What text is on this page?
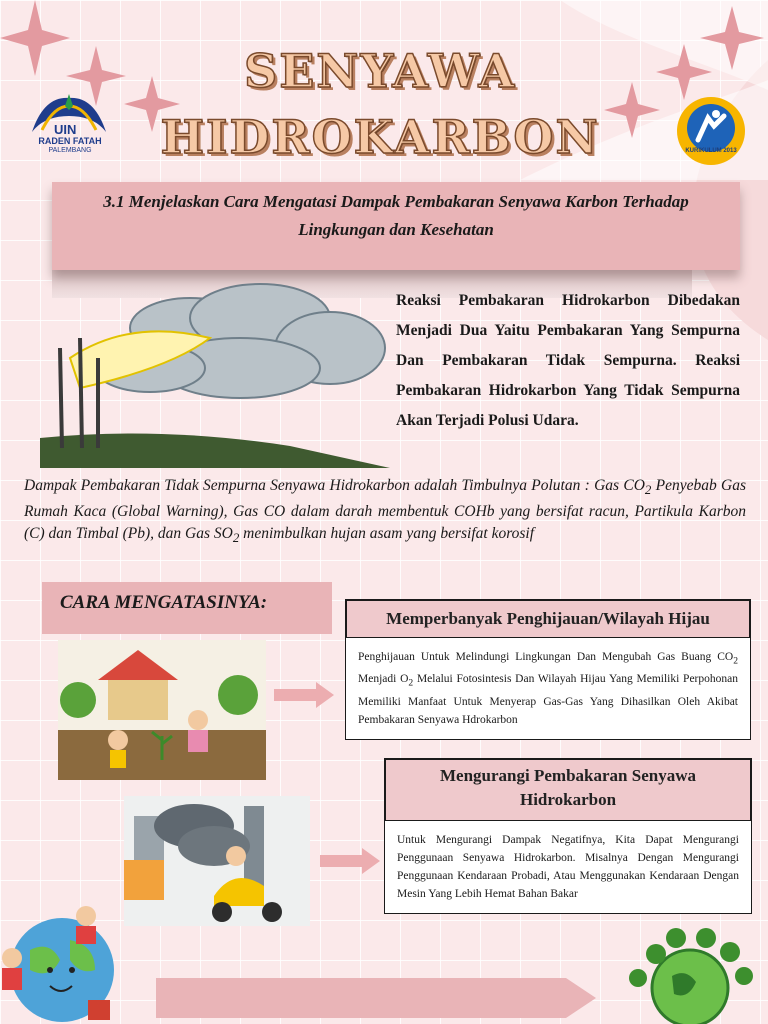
UIN
RADEN FATAH
PALEMBANG	KURIKULUM 2013
SENYAWA
HIDROKARBON

3.1 Menjelaskan Cara Mengatasi Dampak Pembakaran Senyawa Karbon Terhadap Lingkungan dan Kesehatan

Reaksi Pembakaran Hidrokarbon Dibedakan Menjadi Dua Yaitu Pembakaran Yang Sempurna Dan Pembakaran Tidak Sempurna. Reaksi Pembakaran Hidrokarbon Yang Tidak Sempurna Akan Terjadi Polusi Udara.
Dampak Pembakaran Tidak Sempurna Senyawa Hidrokarbon adalah Timbulnya Polutan : Gas $CO_2$ Penyebab Gas Rumah Kaca (Global Warning), Gas CO dalam darah membentuk COHb yang bersifat racun, Partikula Karbon (C) dan Timbal (Pb), dan Gas $SO_2$ menimbulkan hujan asam yang bersifat korosif
CARA MENGATASINYA:
Memperbanyak Penghijauan/Wilayah Hijau
Penghijauan Untuk Melindungi Lingkungan Dan Mengubah Gas Buang $CO_2$ Menjadi $O_2$ Melalui Fotosintesis Dan Wilayah Hijau Yang Memiliki Perpohonan Memiliki Manfaat Untuk Menyerap Gas-Gas Yang Dihasilkan Oleh Akibat Pembakaran Senyawa Hdrokarbon
Mengurangi Pembakaran Senyawa Hidrokarbon
Untuk Mengurangi Dampak Negatifnya, Kita Dapat Mengurangi Penggunaan Senyawa Hidrokarbon. Misalnya Dengan Mengurangi Penggunaan Kendaraan Probadi, Atau Menggunakan Kendaraan Dengan Mesin Yang Lebih Hemat Bahan Bakar
